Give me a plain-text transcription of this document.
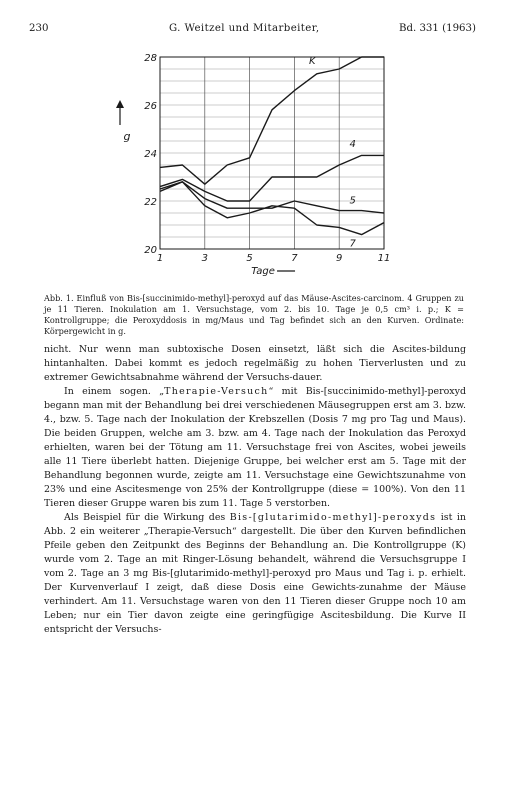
230	G. Weitzel und Mitarbeiter,	Bd. 331 (1963)
K
4
5
7
1	3	5	7	9	11
20
22
24
26
28
Tage
g
Abb. 1. Einfluß von Bis-[succinimido-methyl]-peroxyd auf das Mäuse-Ascites-carcinom. 4 Gruppen zu je 11 Tieren. Inokulation am 1. Versuchstage, vom 2. bis 10. Tage je 0,5 cm³ i. p.; K = Kontrollgruppe; die Peroxyddosis in mg/Maus und Tag befindet sich an den Kurven. Ordinate: Körpergewicht in g.

nicht. Nur wenn man subtoxische Dosen einsetzt, läßt sich die Ascites-bildung hintanhalten. Dabei kommt es jedoch regelmäßig zu hohen Tierverlusten und zu extremer Gewichtsabnahme während der Versuchs-dauer.

In einem sogen. „Therapie-Versuch“ mit Bis-[succinimido-methyl]-peroxyd begann man mit der Behandlung bei drei verschiedenen Mäusegruppen erst am 3. bzw. 4., bzw. 5. Tage nach der Inokulation der Krebszellen (Dosis 7 mg pro Tag und Maus). Die beiden Gruppen, welche am 3. bzw. am 4. Tage nach der Inokulation das Peroxyd erhielten, waren bei der Tötung am 11. Versuchstage frei von Ascites, wobei jeweils alle 11 Tiere überlebt hatten. Diejenige Gruppe, bei welcher erst am 5. Tage mit der Behandlung begonnen wurde, zeigte am 11. Versuchstage eine Gewichtszunahme von 23% und eine Ascitesmenge von 25% der Kontrollgruppe (diese = 100%). Von den 11 Tieren dieser Gruppe waren bis zum 11. Tage 5 verstorben.

Als Beispiel für die Wirkung des Bis-[glutarimido-methyl]-peroxyds ist in Abb. 2 ein weiterer „Therapie-Versuch“ dargestellt. Die über den Kurven befindlichen Pfeile geben den Zeitpunkt des Beginns der Behandlung an. Die Kontrollgruppe (K) wurde vom 2. Tage an mit Ringer-Lösung behandelt, während die Versuchsgruppe I vom 2. Tage an 3 mg Bis-[glutarimido-methyl]-peroxyd pro Maus und Tag i. p. erhielt. Der Kurvenverlauf I zeigt, daß diese Dosis eine Gewichts-zunahme der Mäuse verhindert. Am 11. Versuchstage waren von den 11 Tieren dieser Gruppe noch 10 am Leben; nur ein Tier davon zeigte eine geringfügige Ascitesbildung. Die Kurve II entspricht der Versuchs-
